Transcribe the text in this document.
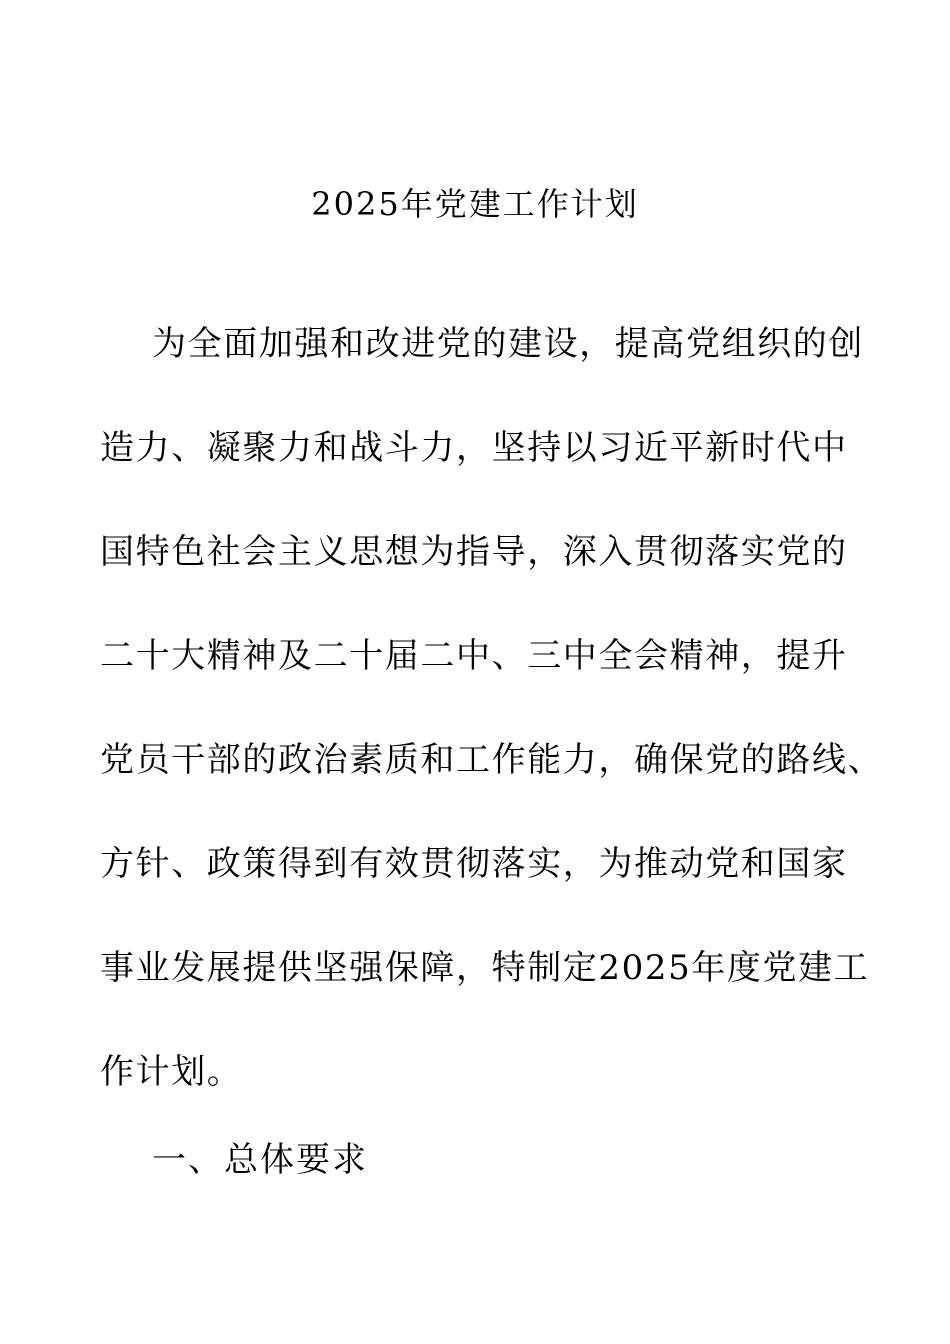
2025年党建工作计划
为全面加强和改进党的建设，提高党组织的创
造力、凝聚力和战斗力，坚持以习近平新时代中
国特色社会主义思想为指导，深入贯彻落实党的
二十大精神及二十届二中、三中全会精神，提升
党员干部的政治素质和工作能力，确保党的路线、
方针、政策得到有效贯彻落实，为推动党和国家
事业发展提供坚强保障，特制定2025年度党建工
作计划。
一、总体要求
